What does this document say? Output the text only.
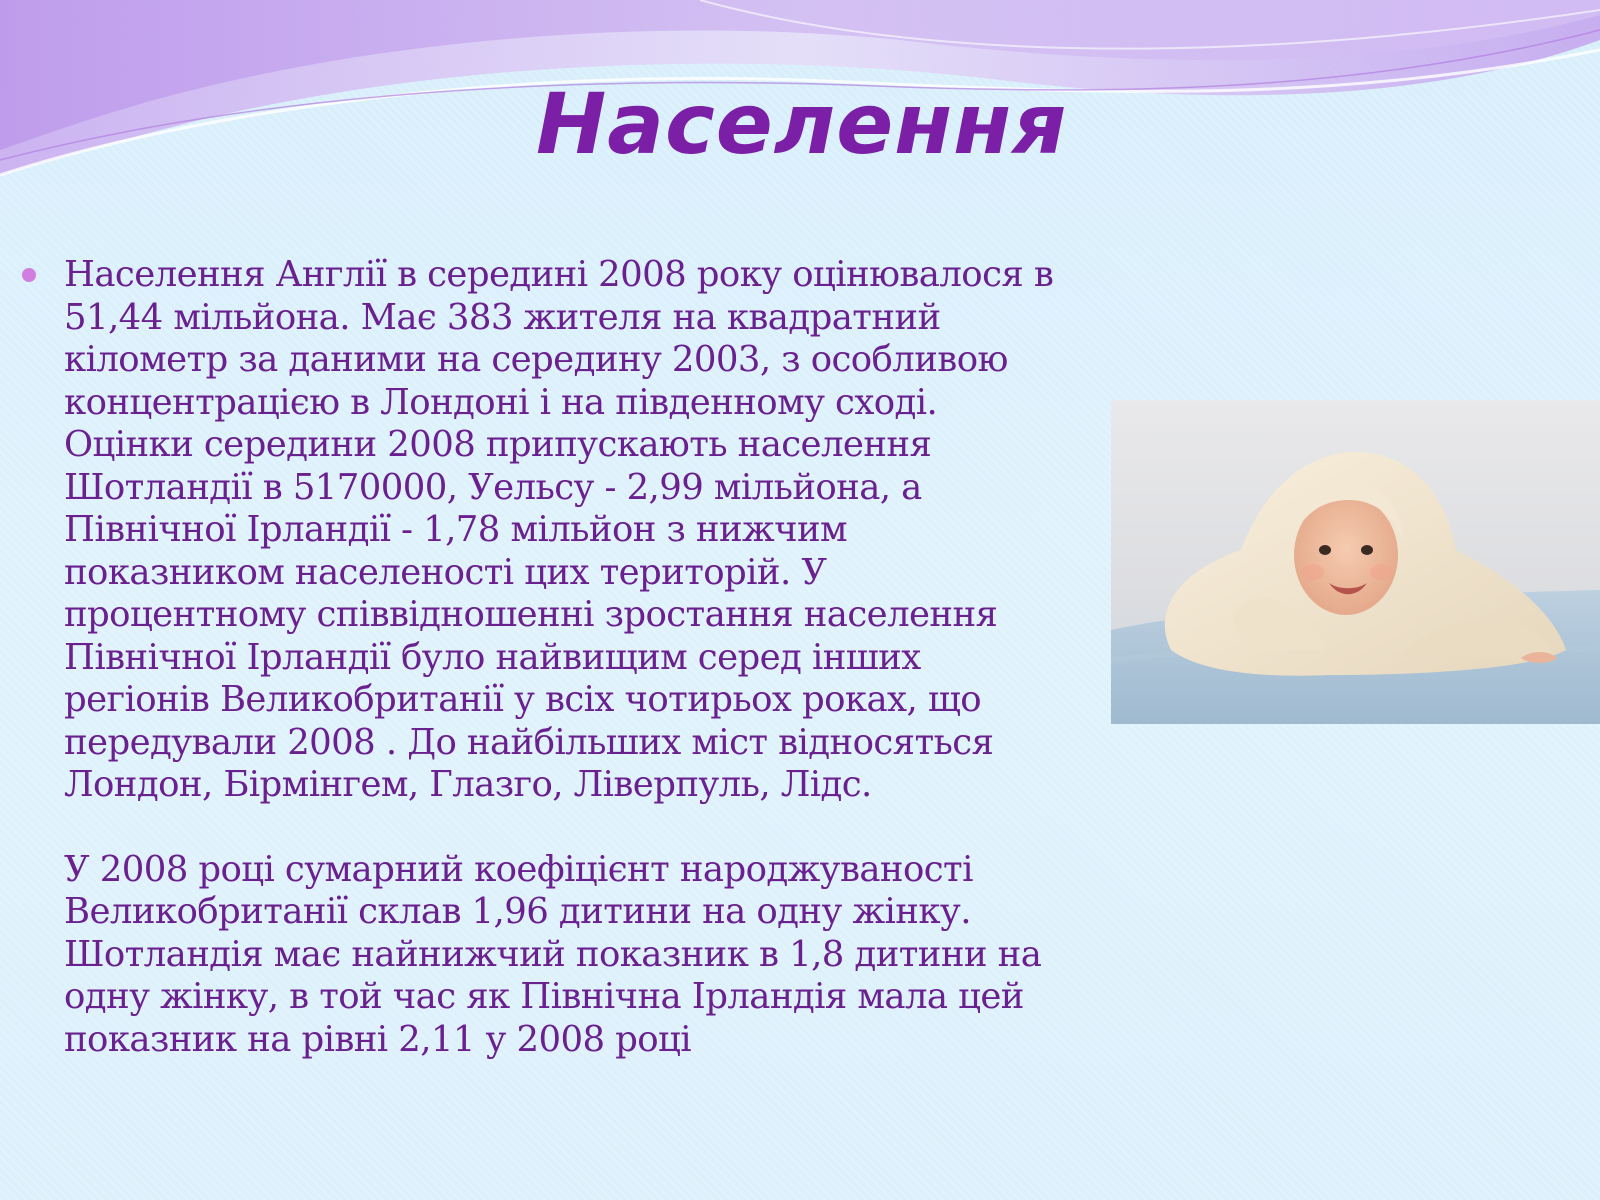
Населення

Населення Англії в середині 2008 року оцінювалося в
51,44 мільйона. Має 383 жителя на квадратний
кілометр за даними на середину 2003, з особливою
концентрацією в Лондоні і на південному сході.
Оцінки середини 2008 припускають населення
Шотландії в 5170000, Уельсу - 2,99 мільйона, а
Північної Ірландії - 1,78 мільйон з нижчим
показником населеності цих територій. У
процентному співвідношенні зростання населення
Північної Ірландії було найвищим серед інших
регіонів Великобританії у всіх чотирьох роках, що
передували 2008 . До найбільших міст відносяться
Лондон, Бірмінгем, Глазго, Ліверпуль, Лідс.

У 2008 році сумарний коефіцієнт народжуваності
Великобританії склав 1,96 дитини на одну жінку.
Шотландія має найнижчий показник в 1,8 дитини на
одну жінку, в той час як Північна Ірландія мала цей
показник на рівні 2,11 у 2008 році
